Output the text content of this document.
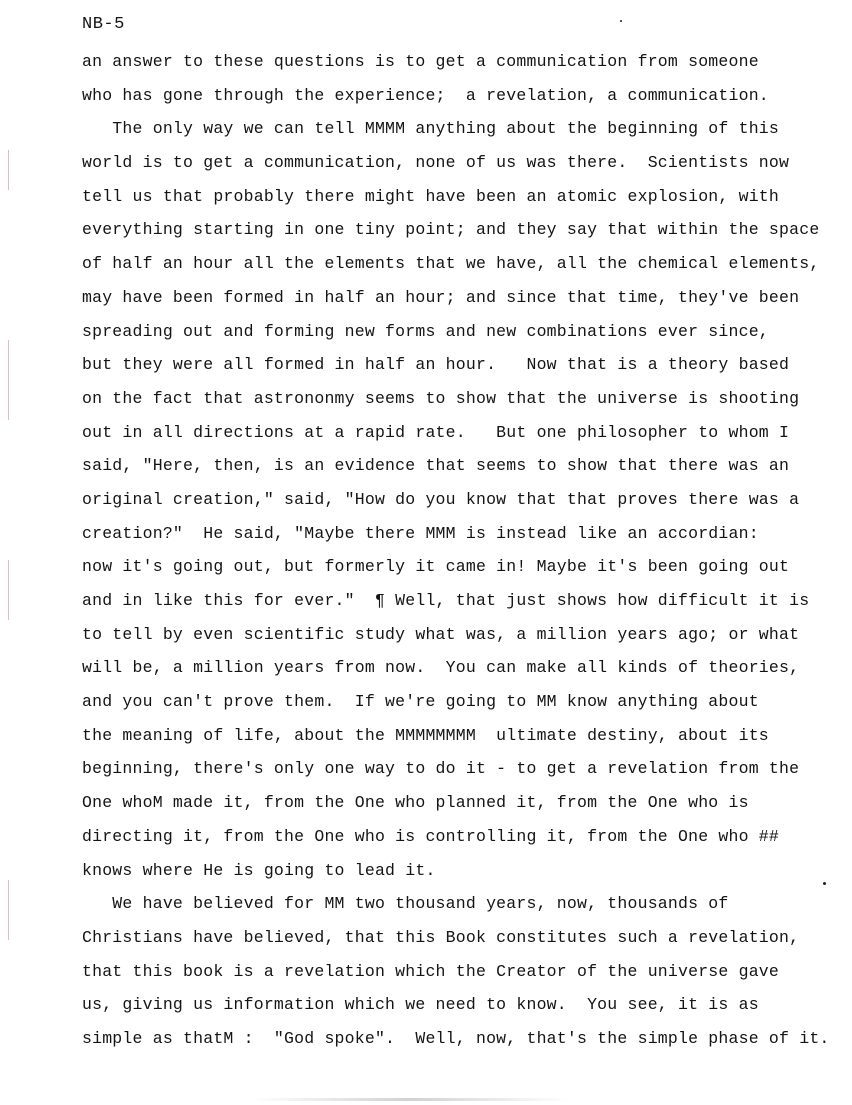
NB-5
an answer to these questions is to get a communication from someone
who has gone through the experience;  a revelation, a communication.
The only way we can tell MMMM anything about the beginning of this
world is to get a communication, none of us was there.  Scientists now
tell us that probably there might have been an atomic explosion, with
everything starting in one tiny point; and they say that within the space
of half an hour all the elements that we have, all the chemical elements,
may have been formed in half an hour; and since that time, they've been
spreading out and forming new forms and new combinations ever since,
but they were all formed in half an hour.   Now that is a theory based
on the fact that astrononmy seems to show that the universe is shooting
out in all directions at a rapid rate.   But one philosopher to whom I
said, "Here, then, is an evidence that seems to show that there was an
original creation," said, "How do you know that that proves there was a
creation?"  He said, "Maybe there MMM is instead like an accordian:
now it's going out, but formerly it came in! Maybe it's been going out
and in like this for ever."  ¶ Well, that just shows how difficult it is
to tell by even scientific study what was, a million years ago; or what
will be, a million years from now.  You can make all kinds of theories,
and you can't prove them.  If we're going to MM know anything about
the meaning of life, about the MMMMMMMM  ultimate destiny, about its
beginning, there's only one way to do it - to get a revelation from the
One whoM made it, from the One who planned it, from the One who is
directing it, from the One who is controlling it, from the One who ##
knows where He is going to lead it.
We have believed for MM two thousand years, now, thousands of
Christians have believed, that this Book constitutes such a revelation,
that this book is a revelation which the Creator of the universe gave
us, giving us information which we need to know.  You see, it is as
simple as thatM :  "God spoke".  Well, now, that's the simple phase of it.
